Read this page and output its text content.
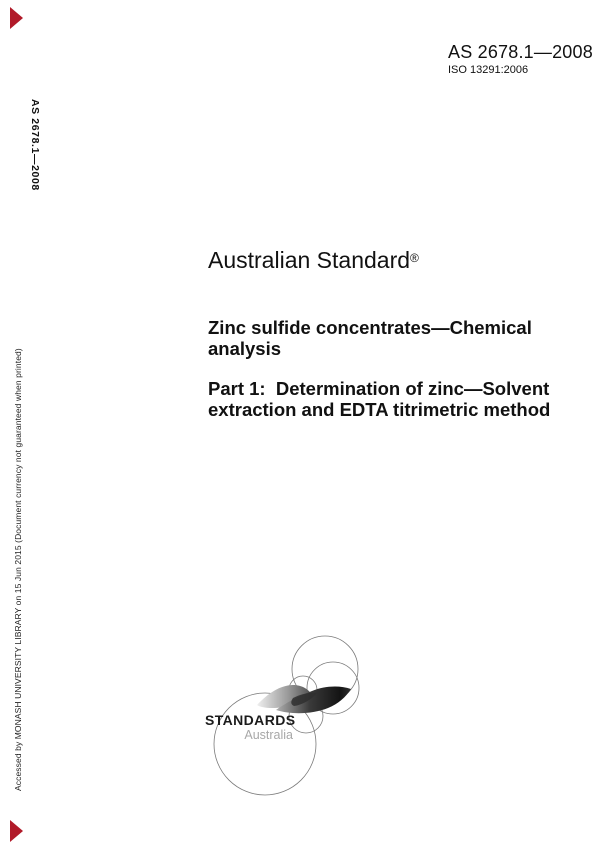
AS 2678.1—2008
ISO 13291:2006
AS 2678.1—2008
Accessed by MONASH UNIVERSITY LIBRARY on 15 Jun 2015 (Document currency not guaranteed when printed)
Australian Standard®
Zinc sulfide concentrates—Chemical
analysis
Part 1:  Determination of zinc—Solvent
extraction and EDTA titrimetric method
STANDARDS
Australia
